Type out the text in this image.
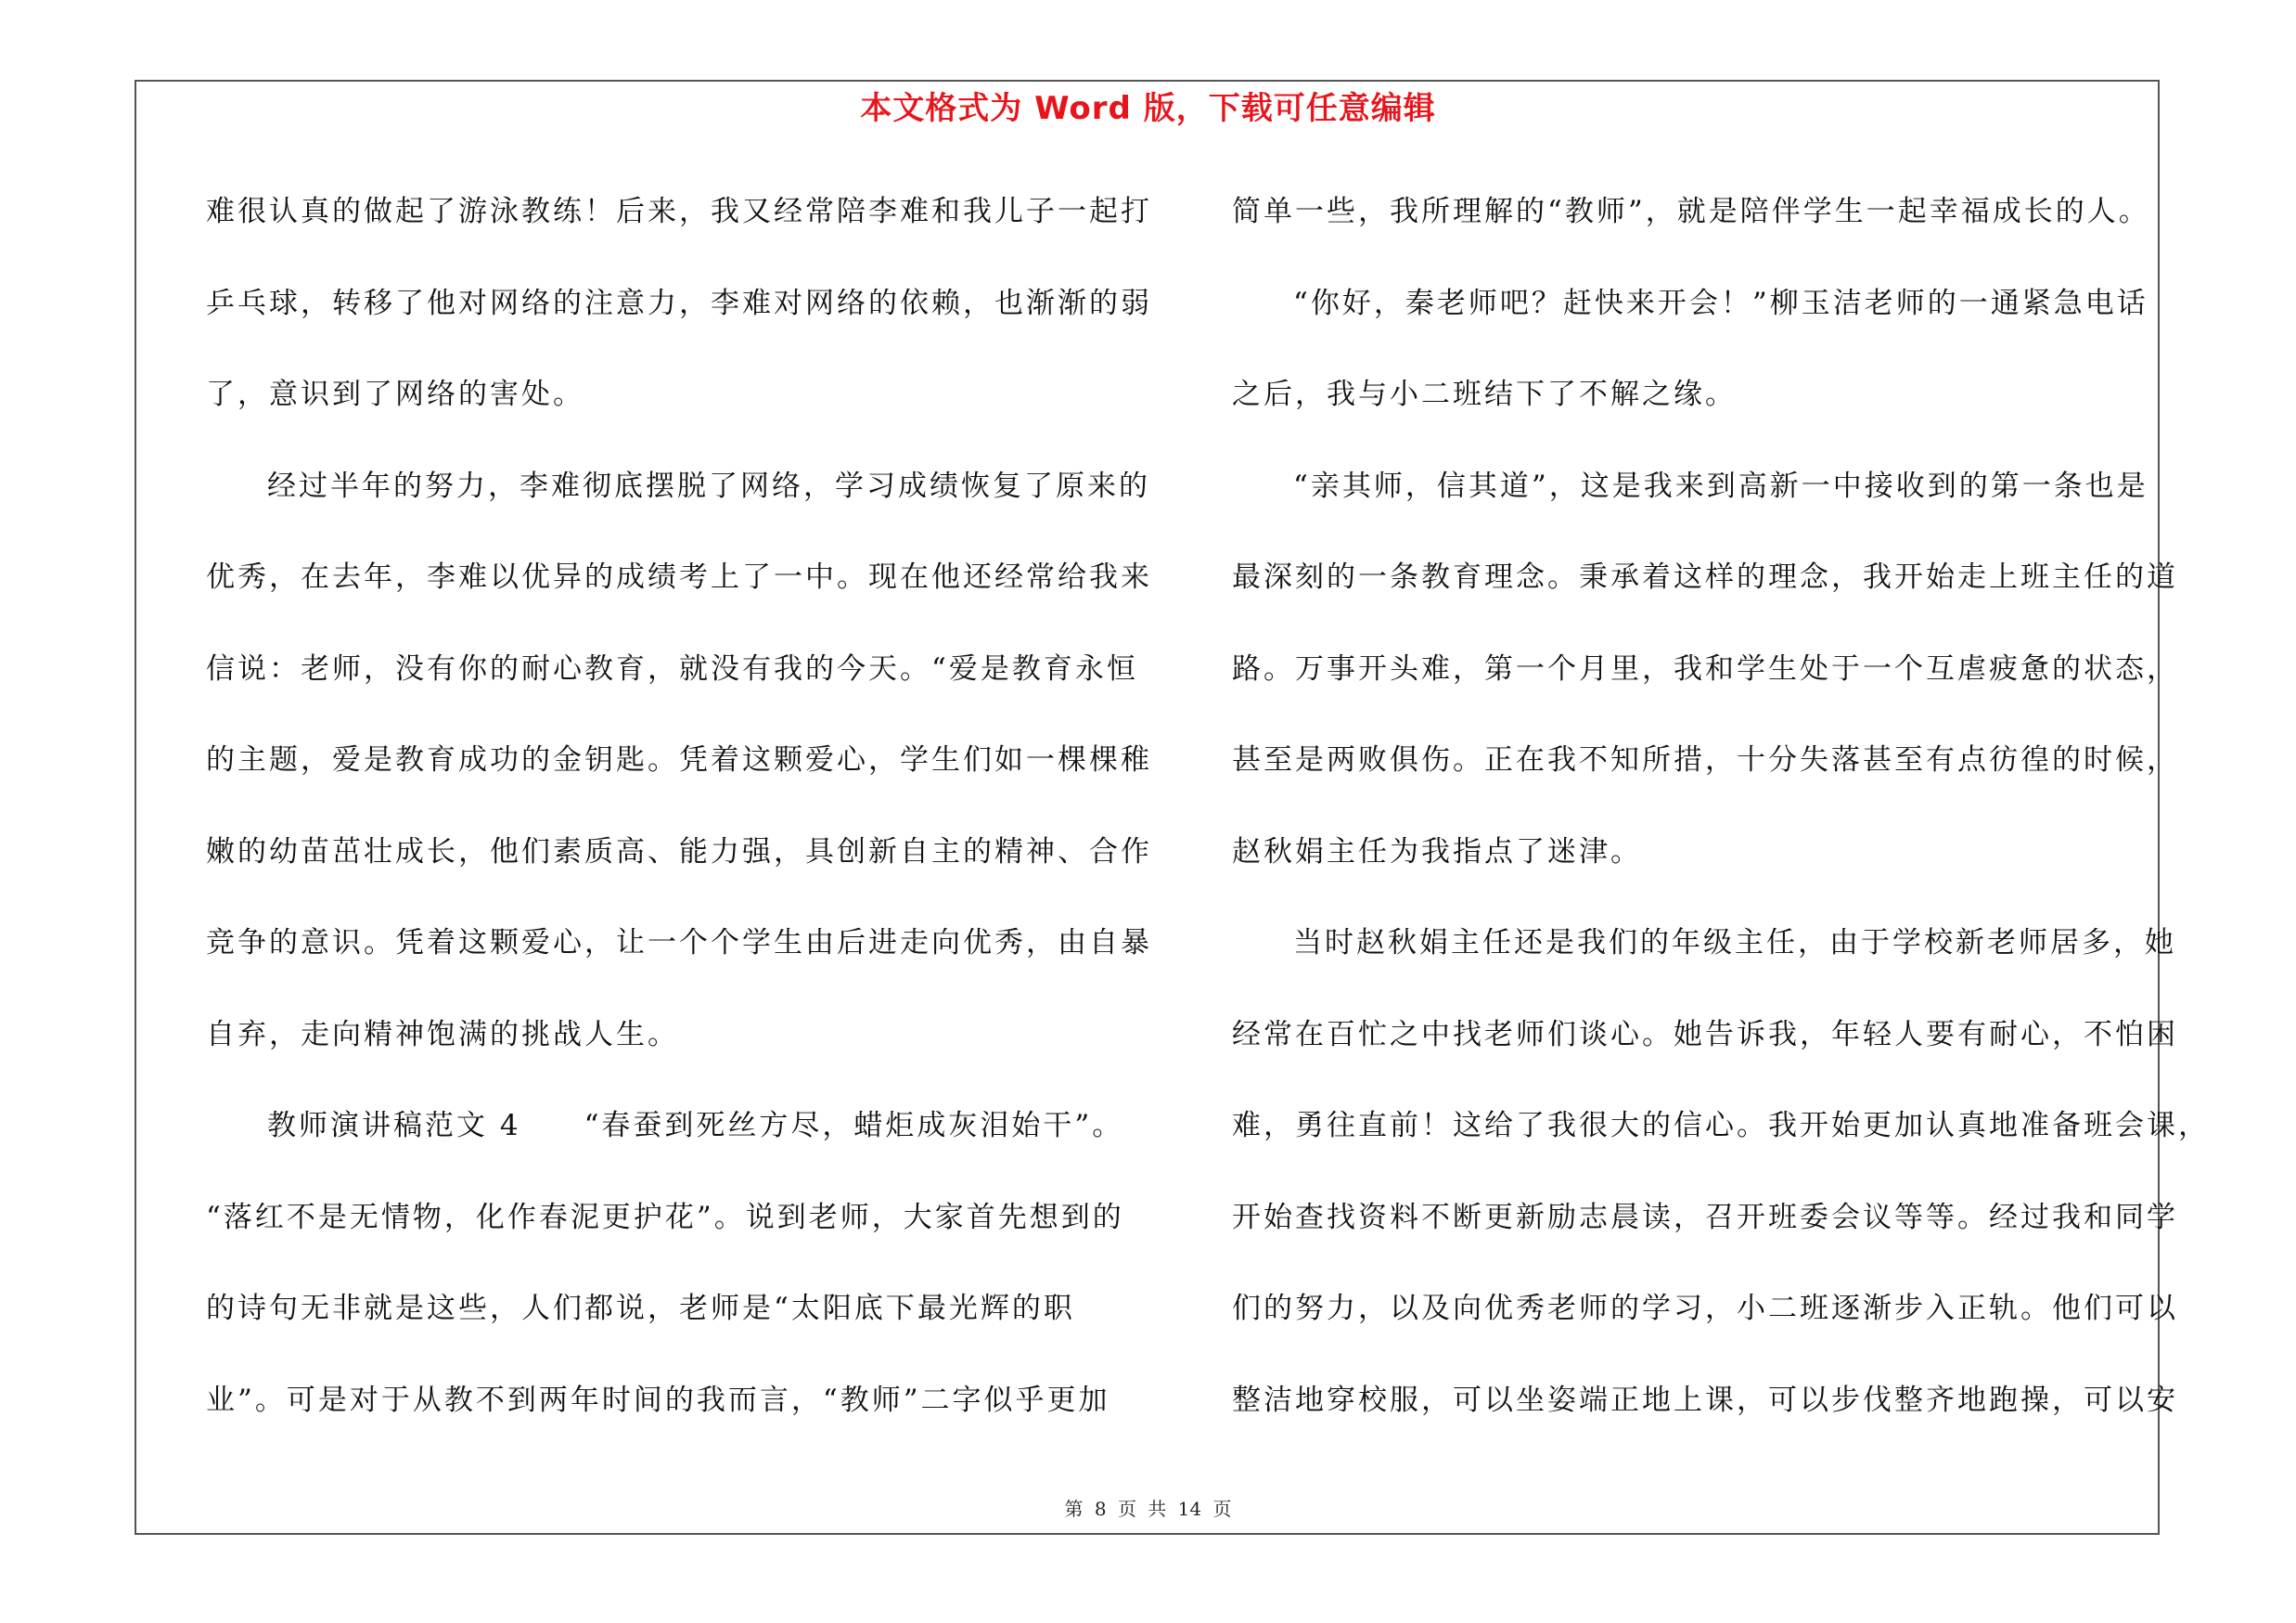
本文格式为 Word 版，下载可任意编辑
难很认真的做起了游泳教练！后来，我又经常陪李难和我儿子一起打
乒乓球，转移了他对网络的注意力，李难对网络的依赖，也渐渐的弱
了，意识到了网络的害处。
经过半年的努力，李难彻底摆脱了网络，学习成绩恢复了原来的
优秀，在去年，李难以优异的成绩考上了一中。现在他还经常给我来
信说：老师，没有你的耐心教育，就没有我的今天。“爱是教育永恒
的主题，爱是教育成功的金钥匙。凭着这颗爱心，学生们如一棵棵稚
嫩的幼苗茁壮成长，他们素质高、能力强，具创新自主的精神、合作
竞争的意识。凭着这颗爱心，让一个个学生由后进走向优秀，由自暴
自弃，走向精神饱满的挑战人生。
教师演讲稿范文 4　　“春蚕到死丝方尽，蜡炬成灰泪始干”。
“落红不是无情物，化作春泥更护花”。说到老师，大家首先想到的
的诗句无非就是这些，人们都说，老师是“太阳底下最光辉的职
业”。可是对于从教不到两年时间的我而言，“教师”二字似乎更加
简单一些，我所理解的“教师”，就是陪伴学生一起幸福成长的人。
“你好，秦老师吧？赶快来开会！”柳玉洁老师的一通紧急电话
之后，我与小二班结下了不解之缘。
“亲其师，信其道”，这是我来到高新一中接收到的第一条也是
最深刻的一条教育理念。秉承着这样的理念，我开始走上班主任的道
路。万事开头难，第一个月里，我和学生处于一个互虐疲惫的状态，
甚至是两败俱伤。正在我不知所措，十分失落甚至有点彷徨的时候，
赵秋娟主任为我指点了迷津。
当时赵秋娟主任还是我们的年级主任，由于学校新老师居多，她
经常在百忙之中找老师们谈心。她告诉我，年轻人要有耐心，不怕困
难，勇往直前！这给了我很大的信心。我开始更加认真地准备班会课，
开始查找资料不断更新励志晨读，召开班委会议等等。经过我和同学
们的努力，以及向优秀老师的学习，小二班逐渐步入正轨。他们可以
整洁地穿校服，可以坐姿端正地上课，可以步伐整齐地跑操，可以安
第 8 页 共 14 页
